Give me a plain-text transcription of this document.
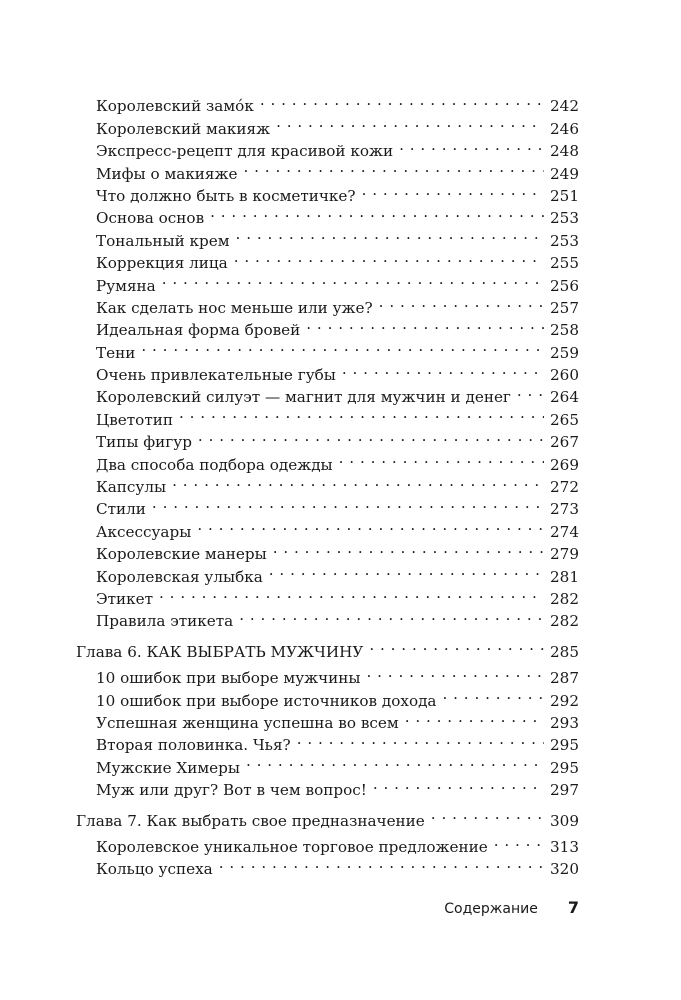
Королевский замо́к . . .	242
Королевский макияж . . .	246
Экспресс-рецепт для красивой кожи . . .	248
Мифы о макияже . . .	249
Что должно быть в косметичке? . . .	251
Основа основ . . .	253
Тональный крем . . .	253
Коррекция лица . . .	255
Румяна . . .	256
Как сделать нос меньше или уже? . . .	257
Идеальная форма бровей . . .	258
Тени . . .	259
Очень привлекательные губы . . .	260
Королевский силуэт — магнит для мужчин и денег . . .	264
Цветотип . . .	265
Типы фигур . . .	267
Два способа подбора одежды . . .	269
Капсулы . . .	272
Стили . . .	273
Аксессуары . . .	274
Королевские манеры . . .	279
Королевская улыбка . . .	281
Этикет . . .	282
Правила этикета . . .	282
Глава 6. КАК ВЫБРАТЬ МУЖЧИНУ . . .	285
10 ошибок при выборе мужчины . . .	287
10 ошибок при выборе источников дохода . . .	292
Успешная женщина успешна во всем . . .	293
Вторая половинка. Чья? . . .	295
Мужские Химеры . . .	295
Муж или друг? Вот в чем вопрос! . . .	297
Глава 7. Как выбрать свое предназначение . . .	309
Королевское уникальное торговое предложение . . .	313
Кольцо успеха . . .	320
Содержание 7
